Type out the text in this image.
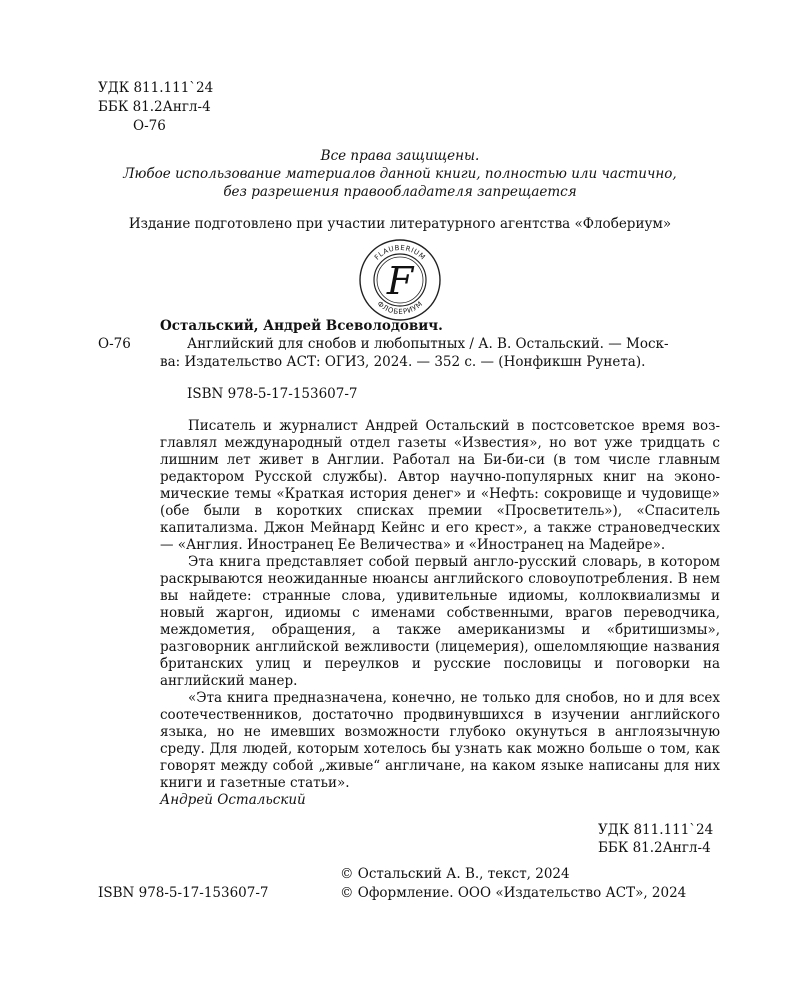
УДК 811.111`24
ББК 81.2Англ-4
О-76
Все права защищены.
Любое использование материалов данной книги, полностью или частично,
без разрешения правообладателя запрещается
Издание подготовлено при участии литературного агентства «Флобериум»
FLAUBERIUM
ФЛОБЕРИУМ
F
Остальский, Андрей Всеволодович.
О-76	Английский для снобов и любопытных / А. В. Остальский. — Моск-
ва: Издательство АСТ: ОГИЗ, 2024. — 352 с. — (Нонфикшн Рунета).
ISBN 978-5-17-153607-7

Писатель и журналист Андрей Остальский в постсоветское время возглавлял международный отдел газеты «Известия», но вот уже тридцать с лишним лет живет в Англии. Работал на Би-би-си (в том числе главным редактором Русской службы). Автор научно-популярных книг на экономические темы «Краткая история денег» и «Нефть: сокровище и чудовище» (обе были в коротких списках премии «Просветитель»), «Спаситель капитализма. Джон Мейнард Кейнс и его крест», а также страноведческих — «Англия. Иностранец Ее Величества» и «Иностранец на Мадейре».

Эта книга представляет собой первый англо-русский словарь, в котором раскрываются неожиданные нюансы английского словоупотребления. В нем вы найдете: странные слова, удивительные идиомы, коллоквиализмы и новый жаргон, идиомы с именами собственными, врагов переводчика, междометия, обращения, а также американизмы и «бритишизмы», разговорник английской вежливости (лицемерия), ошеломляющие названия британских улиц и переулков и русские пословицы и поговорки на английский манер.

«Эта книга предназначена, конечно, не только для снобов, но и для всех соотечественников, достаточно продвинувшихся в изучении английского языка, но не имевших возможности глубоко окунуться в англоязычную среду. Для людей, которым хотелось бы узнать как можно больше о том, как говорят между собой „живые“ англичане, на каком языке написаны для них книги и газетные статьи».

Андрей Остальский

УДК 811.111`24
ББК 81.2Англ-4
© Остальский А. В., текст, 2024
ISBN 978-5-17-153607-7	© Оформление. ООО «Издательство АСТ», 2024
